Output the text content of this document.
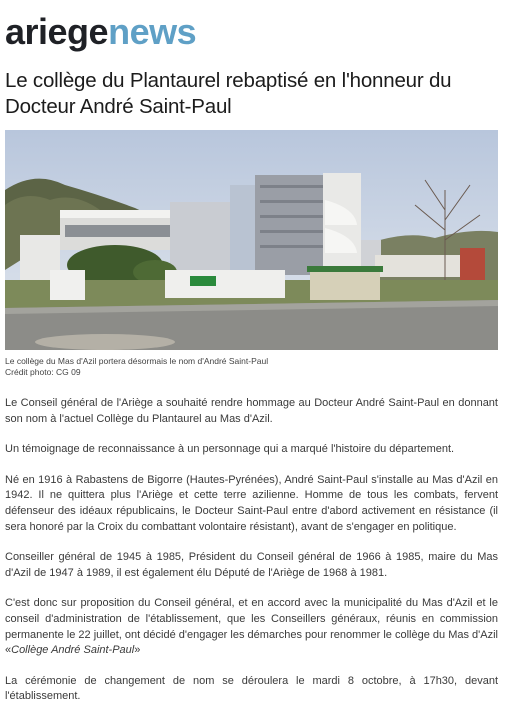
ariegenews
Le collège du Plantaurel rebaptisé en l'honneur du Docteur André Saint-Paul
Le collège du Mas d'Azil portera désormais le nom d'André Saint-Paul
Crédit photo: CG 09

Le Conseil général de l'Ariège a souhaité rendre hommage au Docteur André Saint-Paul en donnant son nom à l'actuel Collège du Plantaurel au Mas d'Azil.

Un témoignage de reconnaissance à un personnage qui a marqué l'histoire du département.

Né en 1916 à Rabastens de Bigorre (Hautes-Pyrénées), André Saint-Paul s'installe au Mas d'Azil en 1942. Il ne quittera plus l'Ariège et cette terre azilienne. Homme de tous les combats, fervent défenseur des idéaux républicains, le Docteur Saint-Paul entre d'abord activement en résistance (il sera honoré par la Croix du combattant volontaire résistant), avant de s'engager en politique.

Conseiller général de 1945 à 1985, Président du Conseil général de 1966 à 1985, maire du Mas d'Azil de 1947 à 1989, il est également élu Député de l'Ariège de 1968 à 1981.

C'est donc sur proposition du Conseil général, et en accord avec la municipalité du Mas d'Azil et le conseil d'administration de l'établissement, que les Conseillers généraux, réunis en commission permanente le 22 juillet, ont décidé d'engager les démarches pour renommer le collège du Mas d'Azil «Collège André Saint-Paul»

La cérémonie de changement de nom se déroulera le mardi 8 octobre, à 17h30, devant l'établissement.
